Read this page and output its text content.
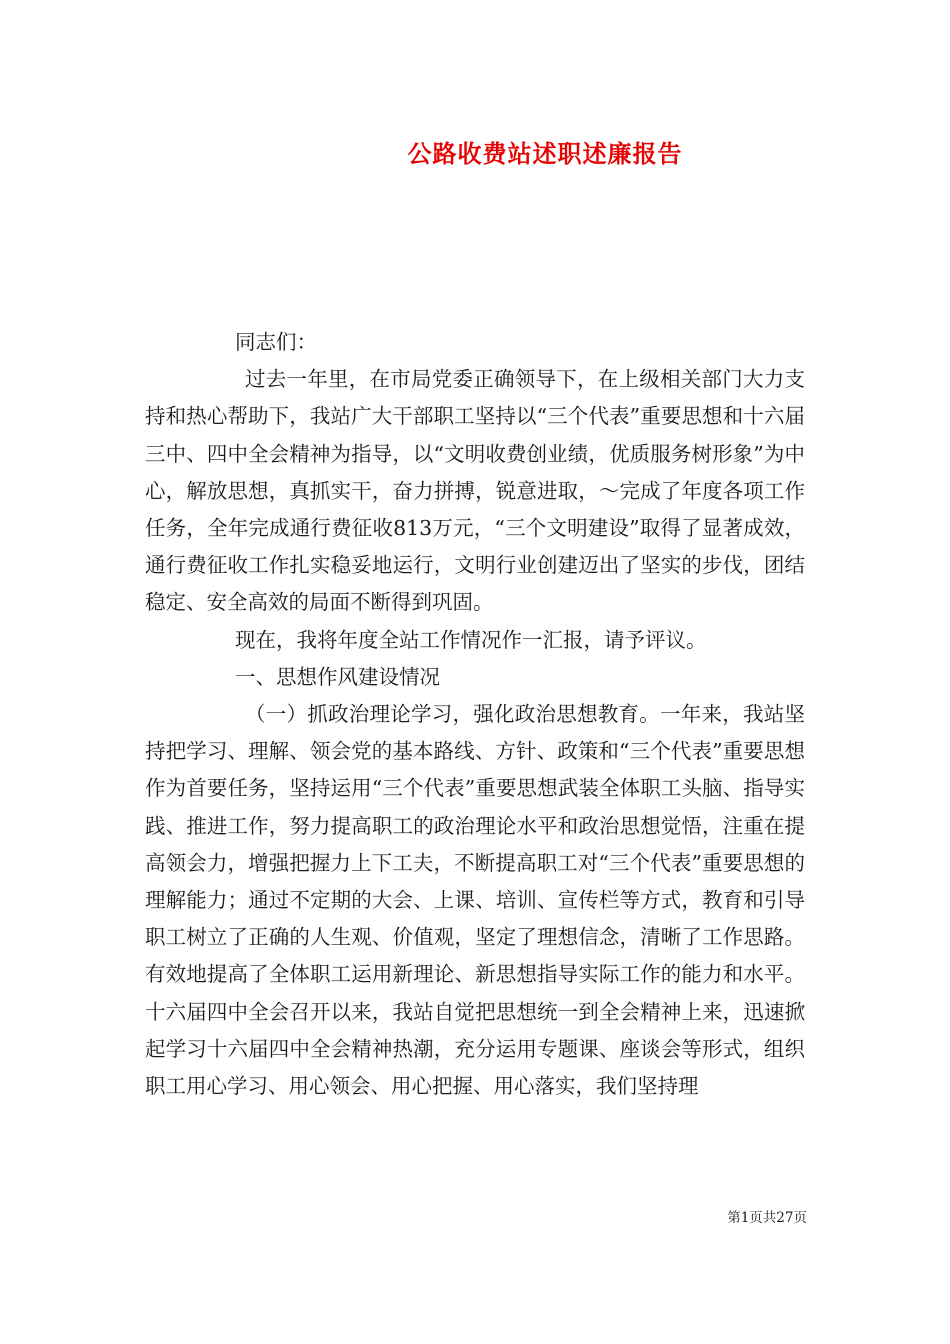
公路收费站述职述廉报告

同志们：

过去一年里，在市局党委正确领导下，在上级相关部门大力支持和热心帮助下，我站广大干部职工坚持以“三个代表”重要思想和十六届三中、四中全会精神为指导，以“文明收费创业绩，优质服务树形象”为中心，解放思想，真抓实干，奋力拼搏，锐意进取，～完成了年度各项工作任务，全年完成通行费征收813万元，“三个文明建设”取得了显著成效，通行费征收工作扎实稳妥地运行，文明行业创建迈出了坚实的步伐，团结稳定、安全高效的局面不断得到巩固。

现在，我将年度全站工作情况作一汇报，请予评议。

一、思想作风建设情况

（一）抓政治理论学习，强化政治思想教育。一年来，我站坚持把学习、理解、领会党的基本路线、方针、政策和“三个代表”重要思想作为首要任务，坚持运用“三个代表”重要思想武装全体职工头脑、指导实践、推进工作，努力提高职工的政治理论水平和政治思想觉悟，注重在提高领会力，增强把握力上下工夫，不断提高职工对“三个代表”重要思想的理解能力；通过不定期的大会、上课、培训、宣传栏等方式，教育和引导职工树立了正确的人生观、价值观，坚定了理想信念，清晰了工作思路。有效地提高了全体职工运用新理论、新思想指导实际工作的能力和水平。十六届四中全会召开以来，我站自觉把思想统一到全会精神上来，迅速掀起学习十六届四中全会精神热潮，充分运用专题课、座谈会等形式，组织职工用心学习、用心领会、用心把握、用心落实，我们坚持理

第1页共27页
